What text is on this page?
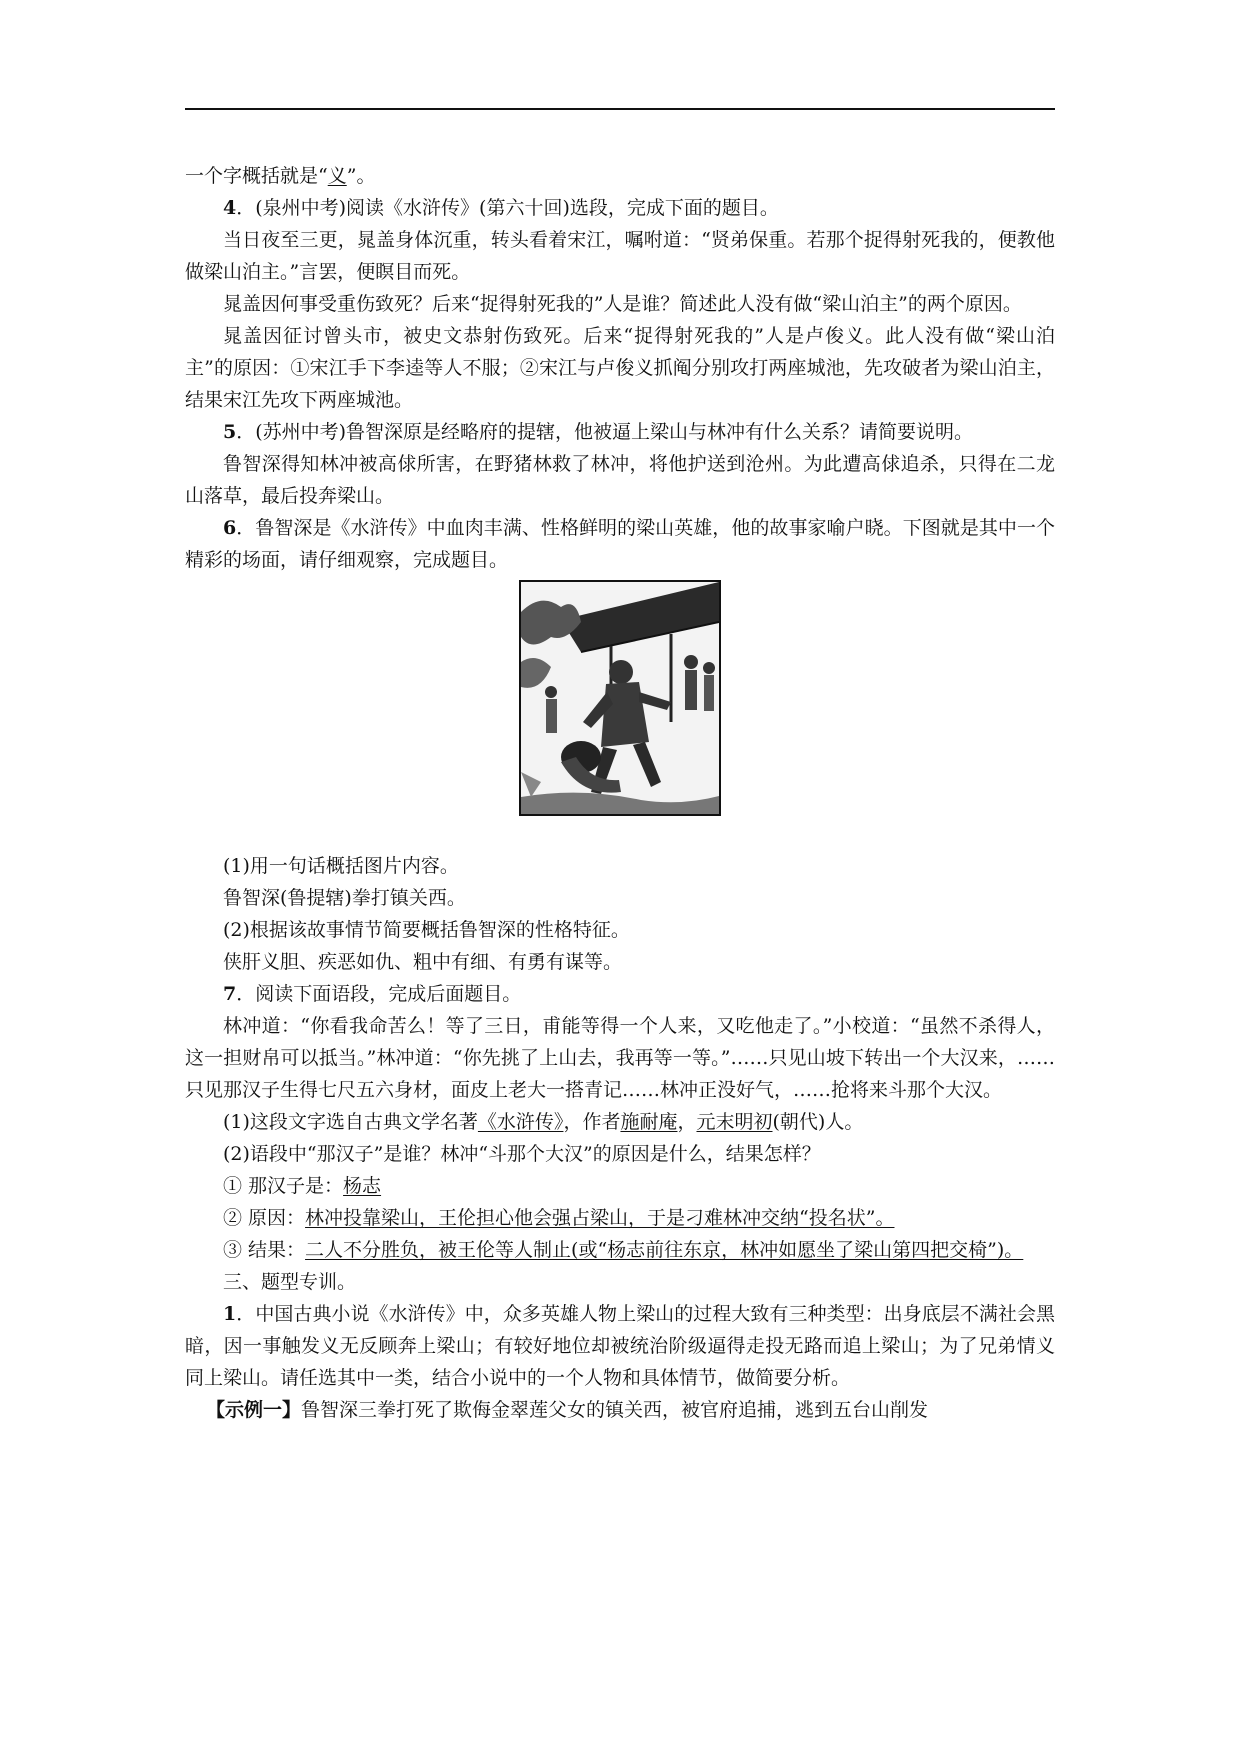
一个字概括就是“义”。

4．(泉州中考)阅读《水浒传》(第六十回)选段，完成下面的题目。

当日夜至三更，晁盖身体沉重，转头看着宋江，嘱咐道：“贤弟保重。若那个捉得射死我的，便教他做梁山泊主。”言罢，便瞑目而死。

晁盖因何事受重伤致死？后来“捉得射死我的”人是谁？简述此人没有做“梁山泊主”的两个原因。

晁盖因征讨曾头市，被史文恭射伤致死。后来“捉得射死我的”人是卢俊义。此人没有做“梁山泊主”的原因：①宋江手下李逵等人不服；②宋江与卢俊义抓阄分别攻打两座城池，先攻破者为梁山泊主，结果宋江先攻下两座城池。

5．(苏州中考)鲁智深原是经略府的提辖，他被逼上梁山与林冲有什么关系？请简要说明。

鲁智深得知林冲被高俅所害，在野猪林救了林冲，将他护送到沧州。为此遭高俅追杀，只得在二龙山落草，最后投奔梁山。

6．鲁智深是《水浒传》中血肉丰满、性格鲜明的梁山英雄，他的故事家喻户晓。下图就是其中一个精彩的场面，请仔细观察，完成题目。

(1)用一句话概括图片内容。

鲁智深(鲁提辖)拳打镇关西。

(2)根据该故事情节简要概括鲁智深的性格特征。

侠肝义胆、疾恶如仇、粗中有细、有勇有谋等。

7．阅读下面语段，完成后面题目。

林冲道：“你看我命苦么！等了三日，甫能等得一个人来，又吃他走了。”小校道：“虽然不杀得人，这一担财帛可以抵当。”林冲道：“你先挑了上山去，我再等一等。”……只见山坡下转出一个大汉来，……只见那汉子生得七尺五六身材，面皮上老大一搭青记……林冲正没好气，……抢将来斗那个大汉。

(1)这段文字选自古典文学名著《水浒传》，作者施耐庵，元末明初(朝代)人。

(2)语段中“那汉子”是谁？林冲“斗那个大汉”的原因是什么，结果怎样？

① 那汉子是：杨志

② 原因：林冲投靠梁山，王伦担心他会强占梁山，于是刁难林冲交纳“投名状”。

③ 结果：二人不分胜负，被王伦等人制止(或“杨志前往东京，林冲如愿坐了梁山第四把交椅”)。

三、题型专训。

1．中国古典小说《水浒传》中，众多英雄人物上梁山的过程大致有三种类型：出身底层不满社会黑暗，因一事触发义无反顾奔上梁山；有较好地位却被统治阶级逼得走投无路而追上梁山；为了兄弟情义同上梁山。请任选其中一类，结合小说中的一个人物和具体情节，做简要分析。

【示例一】鲁智深三拳打死了欺侮金翠莲父女的镇关西，被官府追捕，逃到五台山削发
